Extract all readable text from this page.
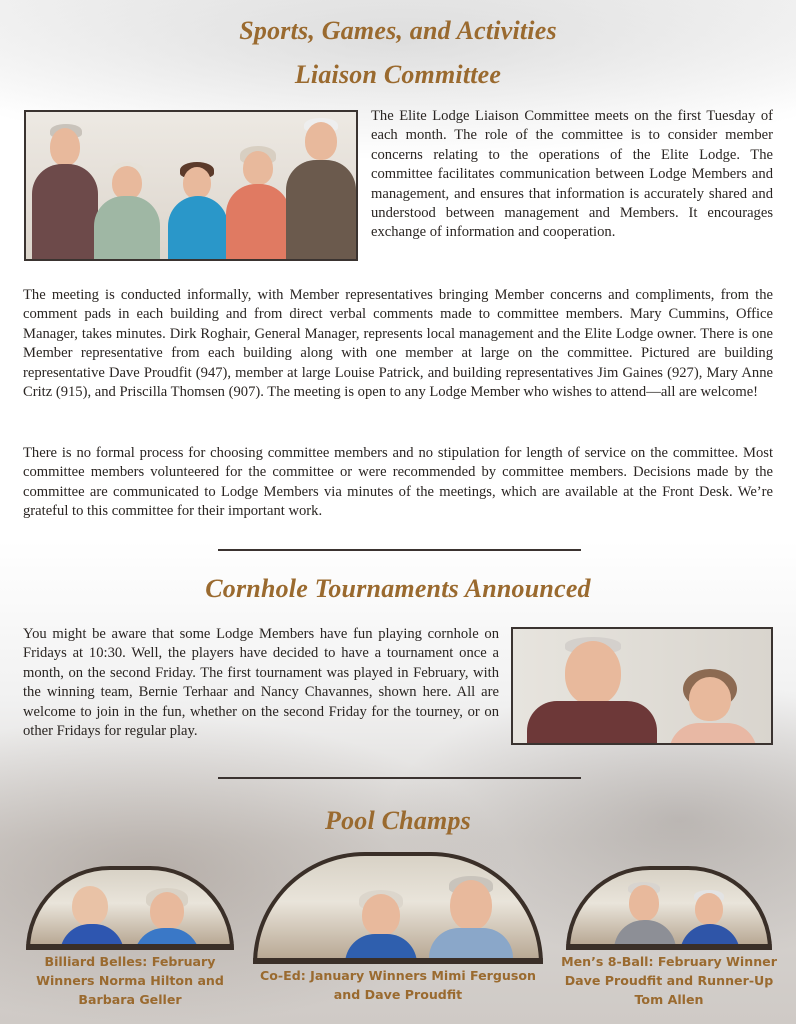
Sports, Games, and Activities
Liaison Committee
The Elite Lodge Liaison Committee meets on the first Tuesday of each month. The role of the committee is to consider member concerns relating to the operations of the Elite Lodge. The committee facilitates communication between Lodge Members and management, and ensures that information is accurately shared and understood between management and Members. It encourages exchange of information and cooperation.
The meeting is conducted informally, with Member representatives bringing Member concerns and compliments, from the comment pads in each building and from direct verbal comments made to committee members. Mary Cummins, Office Manager, takes minutes. Dirk Roghair, General Manager, represents local management and the Elite Lodge owner. There is one Member representative from each building along with one member at large on the committee. Pictured are building representative Dave Proudfit (947), member at large Louise Patrick, and building representatives Jim Gaines (927), Mary Anne Critz (915), and Priscilla Thomsen (907). The meeting is open to any Lodge Member who wishes to attend—all are welcome!
There is no formal process for choosing committee members and no stipulation for length of service on the committee. Most committee members volunteered for the committee or were recommended by committee members. Decisions made by the committee are communicated to Lodge Members via minutes of the meetings, which are available at the Front Desk. We’re grateful to this committee for their important work.
Cornhole Tournaments Announced
You might be aware that some Lodge Members have fun playing cornhole on Fridays at 10:30. Well, the players have decided to have a tournament once a month, on the second Friday. The first tournament was played in February, with the winning team, Bernie Terhaar and Nancy Chavannes, shown here. All are welcome to join in the fun, whether on the second Friday for the tourney, or on other Fridays for regular play.
Pool Champs
Billiard Belles: February
Winners Norma Hilton and
Barbara Geller
Co-Ed: January Winners Mimi Ferguson
and Dave Proudfit
Men’s 8-Ball: February Winner
Dave Proudfit and Runner-Up
Tom Allen
